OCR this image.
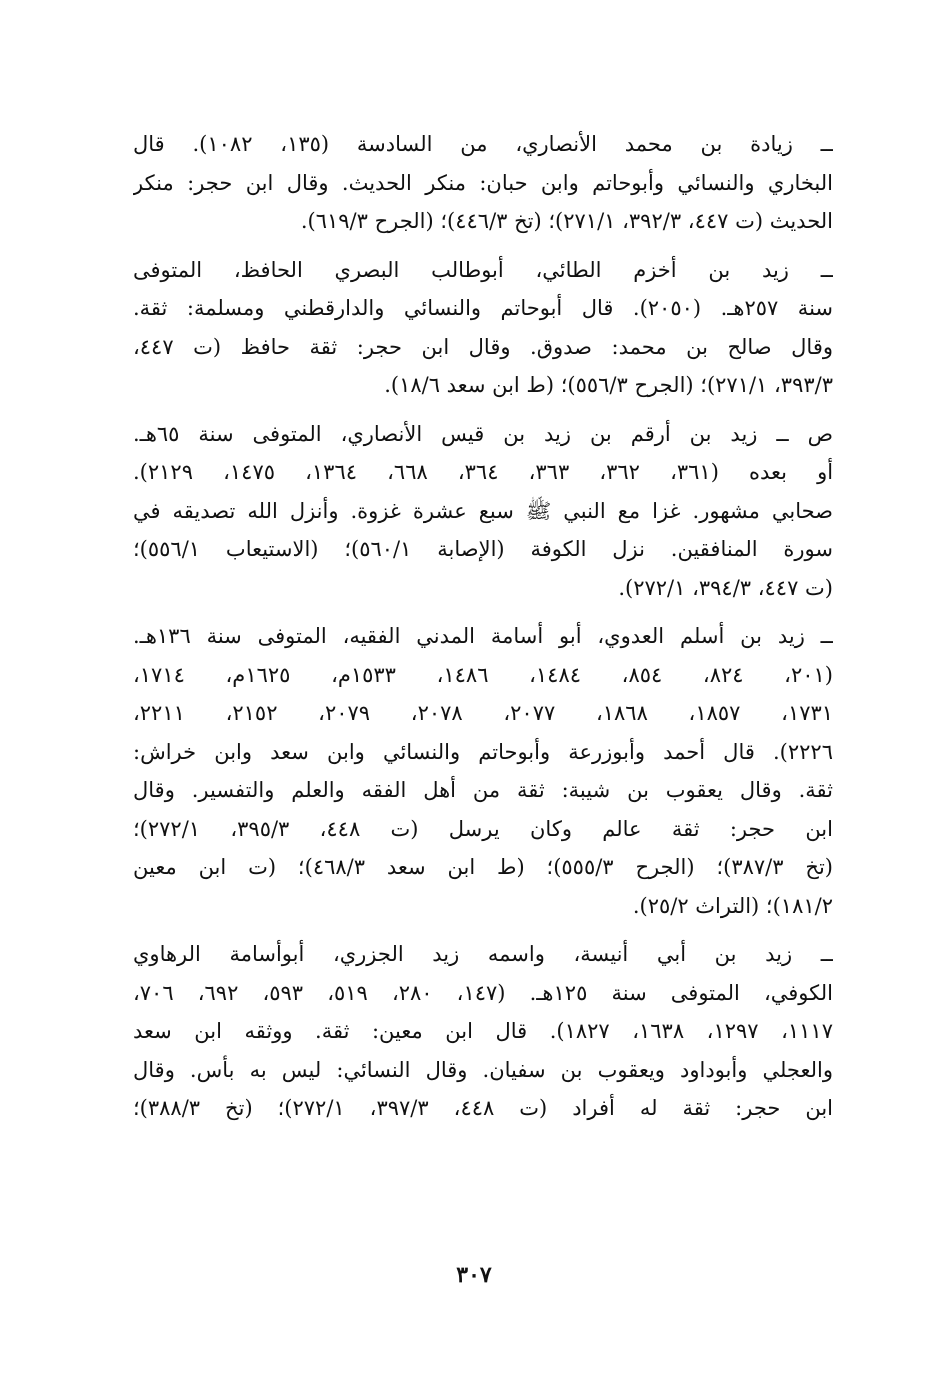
ــ زيادة بن محمد الأنصاري، من السادسة (١٣٥، ١٠٨٢). قال
البخاري والنسائي وأبوحاتم وابن حبان: منكر الحديث. وقال ابن حجر: منكر
الحديث (ت ٤٤٧، ٣٩٢/٣، ٢٧١/١)؛ (تخ ٤٤٦/٣)؛ (الجرح ٦١٩/٣).

ــ زيد بن أخزم الطائي، أبوطالب البصري الحافظ، المتوفى
سنة ٢٥٧هـ. (٢٠٥٠). قال أبوحاتم والنسائي والدارقطني ومسلمة: ثقة.
وقال صالح بن محمد: صدوق. وقال ابن حجر: ثقة حافظ (ت ٤٤٧،
٣٩٣/٣، ٢٧١/١)؛ (الجرح ٥٥٦/٣)؛ (ط ابن سعد ١٨/٦).

ص ــ زيد بن أرقم بن زيد بن قيس الأنصاري، المتوفى سنة ٦٥هـ.
أو بعده (٣٦١، ٣٦٢، ٣٦٣، ٣٦٤، ٦٦٨، ١٣٦٤، ١٤٧٥، ٢١٢٩).
صحابي مشهور. غزا مع النبي ﷺ سبع عشرة غزوة. وأنزل الله تصديقه في
سورة المنافقين. نزل الكوفة (الإصابة ٥٦٠/١)؛ (الاستيعاب ٥٥٦/١)؛
(ت ٤٤٧، ٣٩٤/٣، ٢٧٢/١).

ــ زيد بن أسلم العدوي، أبو أسامة المدني الفقيه، المتوفى سنة ١٣٦هـ.
(٢٠١، ٨٢٤، ٨٥٤، ١٤٨٤، ١٤٨٦، ١٥٣٣م، ١٦٢٥م، ١٧١٤،
١٧٣١، ١٨٥٧، ١٨٦٨، ٢٠٧٧، ٢٠٧٨، ٢٠٧٩، ٢١٥٢، ٢٢١١،
٢٢٢٦). قال أحمد وأبوزرعة وأبوحاتم والنسائي وابن سعد وابن خراش:
ثقة. وقال يعقوب بن شيبة: ثقة من أهل الفقه والعلم والتفسير. وقال
ابن حجر: ثقة عالم وكان يرسل (ت ٤٤٨، ٣٩٥/٣، ٢٧٢/١)؛
(تخ ٣٨٧/٣)؛ (الجرح ٥٥٥/٣)؛ (ط ابن سعد ٤٦٨/٣)؛ (ت ابن معين
١٨١/٢)؛ (التراث ٢٥/٢).

ــ زيد بن أبي أنيسة، واسمه زيد الجزري، أبوأسامة الرهاوي
الكوفي، المتوفى سنة ١٢٥هـ. (١٤٧، ٢٨٠، ٥١٩، ٥٩٣، ٦٩٢، ٧٠٦،
١١١٧، ١٢٩٧، ١٦٣٨، ١٨٢٧). قال ابن معين: ثقة. ووثقه ابن سعد
والعجلي وأبوداود ويعقوب بن سفيان. وقال النسائي: ليس به بأس. وقال
ابن حجر: ثقة له أفراد (ت ٤٤٨، ٣٩٧/٣، ٢٧٢/١)؛ (تخ ٣٨٨/٣)؛

٣٠٧
